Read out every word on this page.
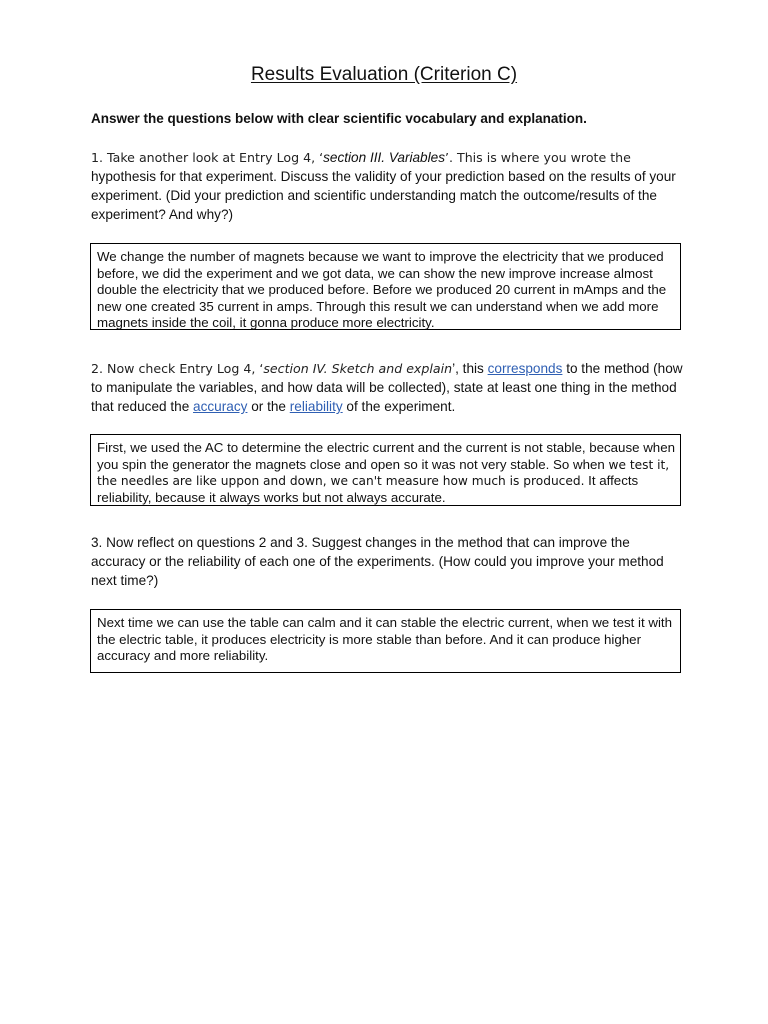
Results Evaluation (Criterion C)
Answer the questions below with clear scientific vocabulary and explanation.
1. Take another look at Entry Log 4, ‘section III. Variables’. This is where you wrote the hypothesis for that experiment. Discuss the validity of your prediction based on the results of your experiment. (Did your prediction and scientific understanding match the outcome/results of the experiment? And why?)
We change the number of magnets because we want to improve the electricity that we produced before, we did the experiment and we got data, we can show the new improve increase almost double the electricity that we produced before. Before we produced 20 current in mAmps and the new one created 35 current in amps. Through this result we can understand when we add more magnets inside the coil, it gonna produce more electricity.
2. Now check Entry Log 4, ‘section IV. Sketch and explain’, this corresponds to the method (how to manipulate the variables, and how data will be collected), state at least one thing in the method that reduced the accuracy or the reliability of the experiment.
First, we used the AC to determine the electric current and the current is not stable, because when you spin the generator the magnets close and open so it was not very stable. So when we test it, the needles are like uppon and down, we can't measure how much is produced. It affects reliability, because it always works but not always accurate.
3. Now reflect on questions 2 and 3. Suggest changes in the method that can improve the accuracy or the reliability of each one of the experiments. (How could you improve your method next time?)
Next time we can use the table can calm and it can stable the electric current, when we test it with the electric table, it produces electricity is more stable than before. And it can produce higher accuracy and more reliability.
